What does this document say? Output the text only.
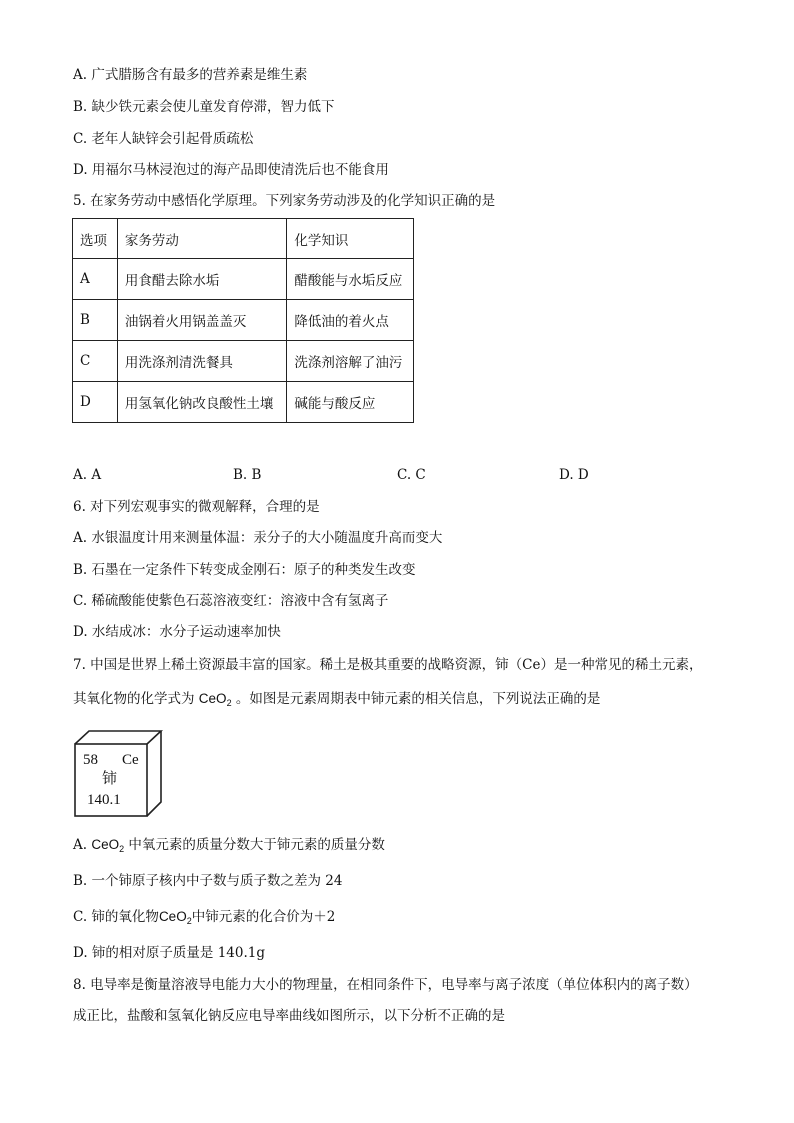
A. 广式腊肠含有最多的营养素是维生素
B. 缺少铁元素会使儿童发育停滞，智力低下
C. 老年人缺锌会引起骨质疏松
D. 用福尔马林浸泡过的海产品即使清洗后也不能食用
5. 在家务劳动中感悟化学原理。下列家务劳动涉及的化学知识正确的是
选项	家务劳动	化学知识
A	用食醋去除水垢	醋酸能与水垢反应
B	油锅着火用锅盖盖灭	降低油的着火点
C	用洗涤剂清洗餐具	洗涤剂溶解了油污
D	用氢氧化钠改良酸性土壤	碱能与酸反应
A. A	B. B	C. C	D. D
6. 对下列宏观事实的微观解释，合理的是
A. 水银温度计用来测量体温：汞分子的大小随温度升高而变大
B. 石墨在一定条件下转变成金刚石：原子的种类发生改变
C. 稀硫酸能使紫色石蕊溶液变红：溶液中含有氢离子
D. 水结成冰：水分子运动速率加快
7. 中国是世界上稀土资源最丰富的国家。稀土是极其重要的战略资源，铈（Ce）是一种常见的稀土元素，
其氧化物的化学式为 CeO$_2$ 。如图是元素周期表中铈元素的相关信息，下列说法正确的是
58 Ce
铈
140.1
A. CeO$_2$ 中氧元素的质量分数大于铈元素的质量分数
B. 一个铈原子核内中子数与质子数之差为 24
C. 铈的氧化物CeO$_2$中铈元素的化合价为＋2
D. 铈的相对原子质量是 140.1g
8. 电导率是衡量溶液导电能力大小的物理量，在相同条件下，电导率与离子浓度（单位体积内的离子数）
成正比，盐酸和氢氧化钠反应电导率曲线如图所示，以下分析不正确的是
